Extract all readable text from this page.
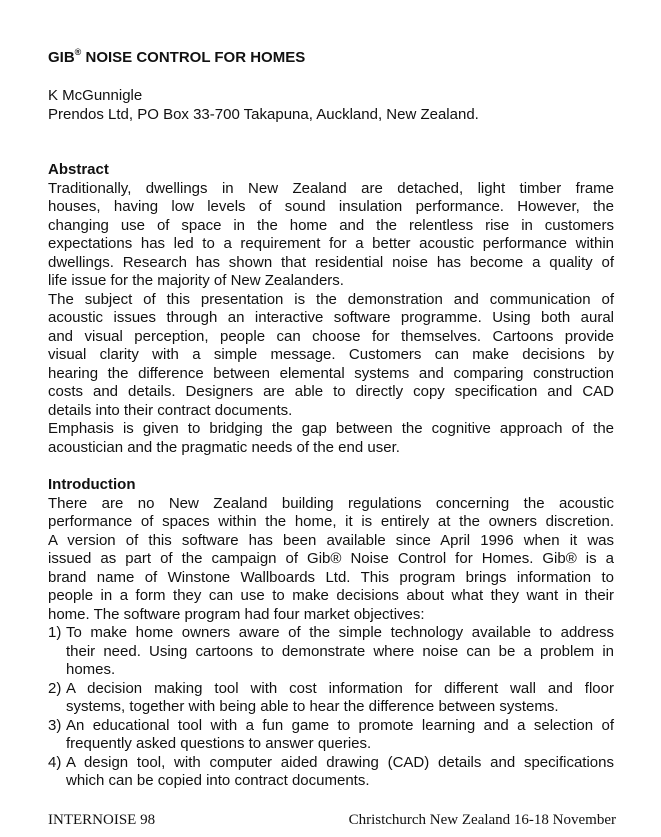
GIB® NOISE CONTROL FOR HOMES
K McGunnigle
Prendos Ltd, PO Box 33-700 Takapuna, Auckland, New Zealand.
Abstract
Traditionally, dwellings in New Zealand are detached, light timber frame
houses, having low levels of sound insulation performance. However, the
changing use of space in the home and the relentless rise in customers
expectations has led to a requirement for a better acoustic performance within
dwellings. Research has shown that residential noise has become a quality of
life issue for the majority of New Zealanders.
The subject of this presentation is the demonstration and communication of
acoustic issues through an interactive software programme. Using both aural
and visual perception, people can choose for themselves. Cartoons provide
visual clarity with a simple message. Customers can make decisions by
hearing the difference between elemental systems and comparing construction
costs and details. Designers are able to directly copy specification and CAD
details into their contract documents.
Emphasis is given to bridging the gap between the cognitive approach of the
acoustician and the pragmatic needs of the end user.
Introduction
There are no New Zealand building regulations concerning the acoustic
performance of spaces within the home, it is entirely at the owners discretion.
A version of this software has been available since April 1996 when it was
issued as part of the campaign of Gib® Noise Control for Homes. Gib® is a
brand name of Winstone Wallboards Ltd. This program brings information to
people in a form they can use to make decisions about what they want in their
home. The software program had four market objectives:
1) To make home owners aware of the simple technology available to address
their need. Using cartoons to demonstrate where noise can be a problem in
homes.
2) A decision making tool with cost information for different wall and floor
systems, together with being able to hear the difference between systems.
3) An educational tool with a fun game to promote learning and a selection of
frequently asked questions to answer queries.
4) A design tool, with computer aided drawing (CAD) details and specifications
which can be copied into contract documents.
INTERNOISE 98	Christchurch New Zealand 16-18 November
